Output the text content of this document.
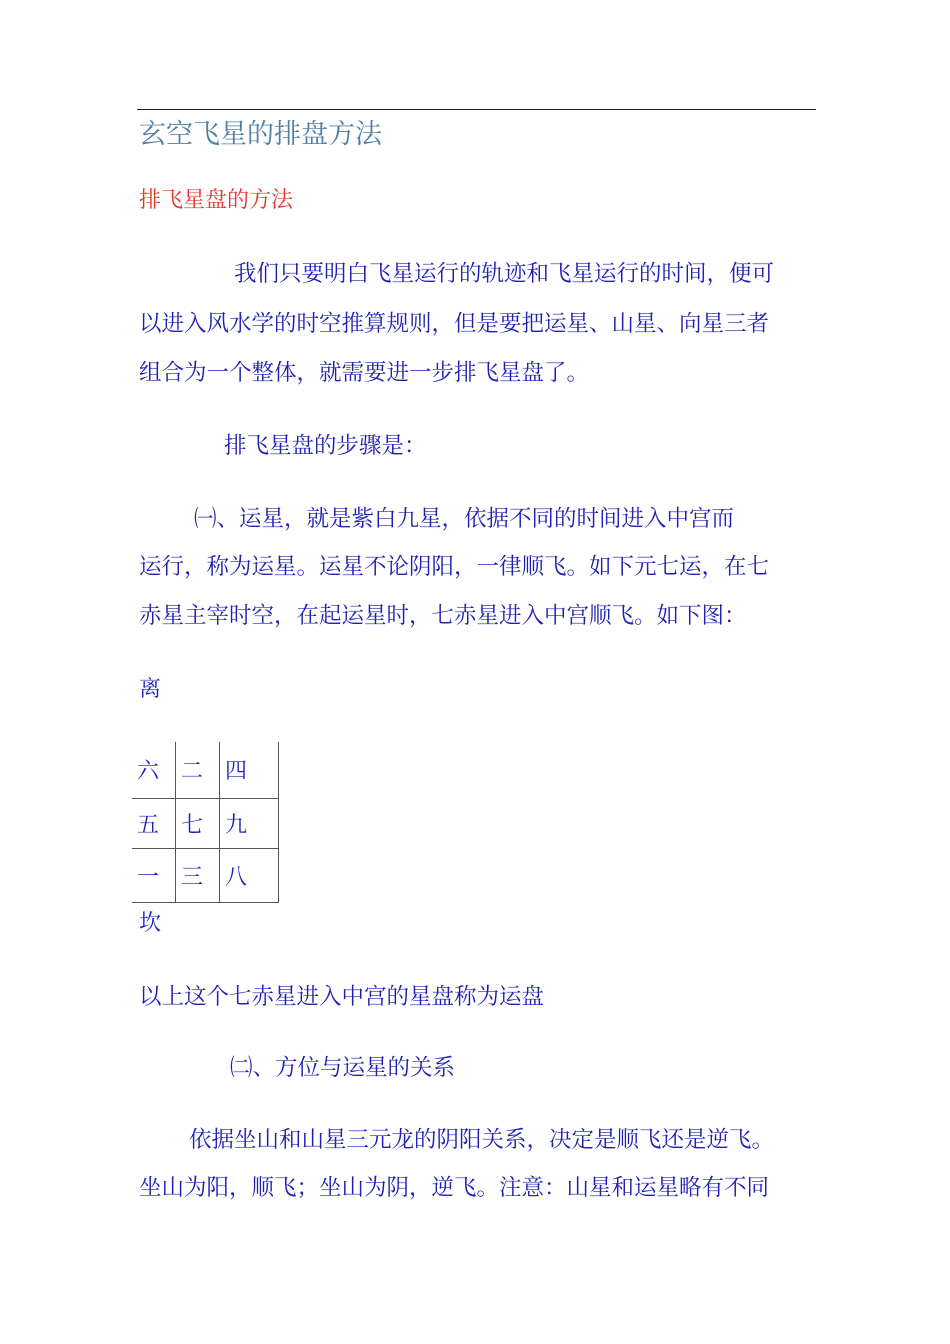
玄空飞星的排盘方法
排飞星盘的方法
我们只要明白飞星运行的轨迹和飞星运行的时间，便可
以进入风水学的时空推算规则，但是要把运星、山星、向星三者
组合为一个整体，就需要进一步排飞星盘了。
排飞星盘的步骤是：
㈠、运星，就是紫白九星，依据不同的时间进入中宫而
运行，称为运星。运星不论阴阳，一律顺飞。如下元七运，在七
赤星主宰时空，在起运星时，七赤星进入中宫顺飞。如下图：
离
六	二	四
五	七	九
一	三	八
坎
以上这个七赤星进入中宫的星盘称为运盘
㈡、方位与运星的关系
依据坐山和山星三元龙的阴阳关系，决定是顺飞还是逆飞。
坐山为阳，顺飞；坐山为阴，逆飞。注意：山星和运星略有不同
